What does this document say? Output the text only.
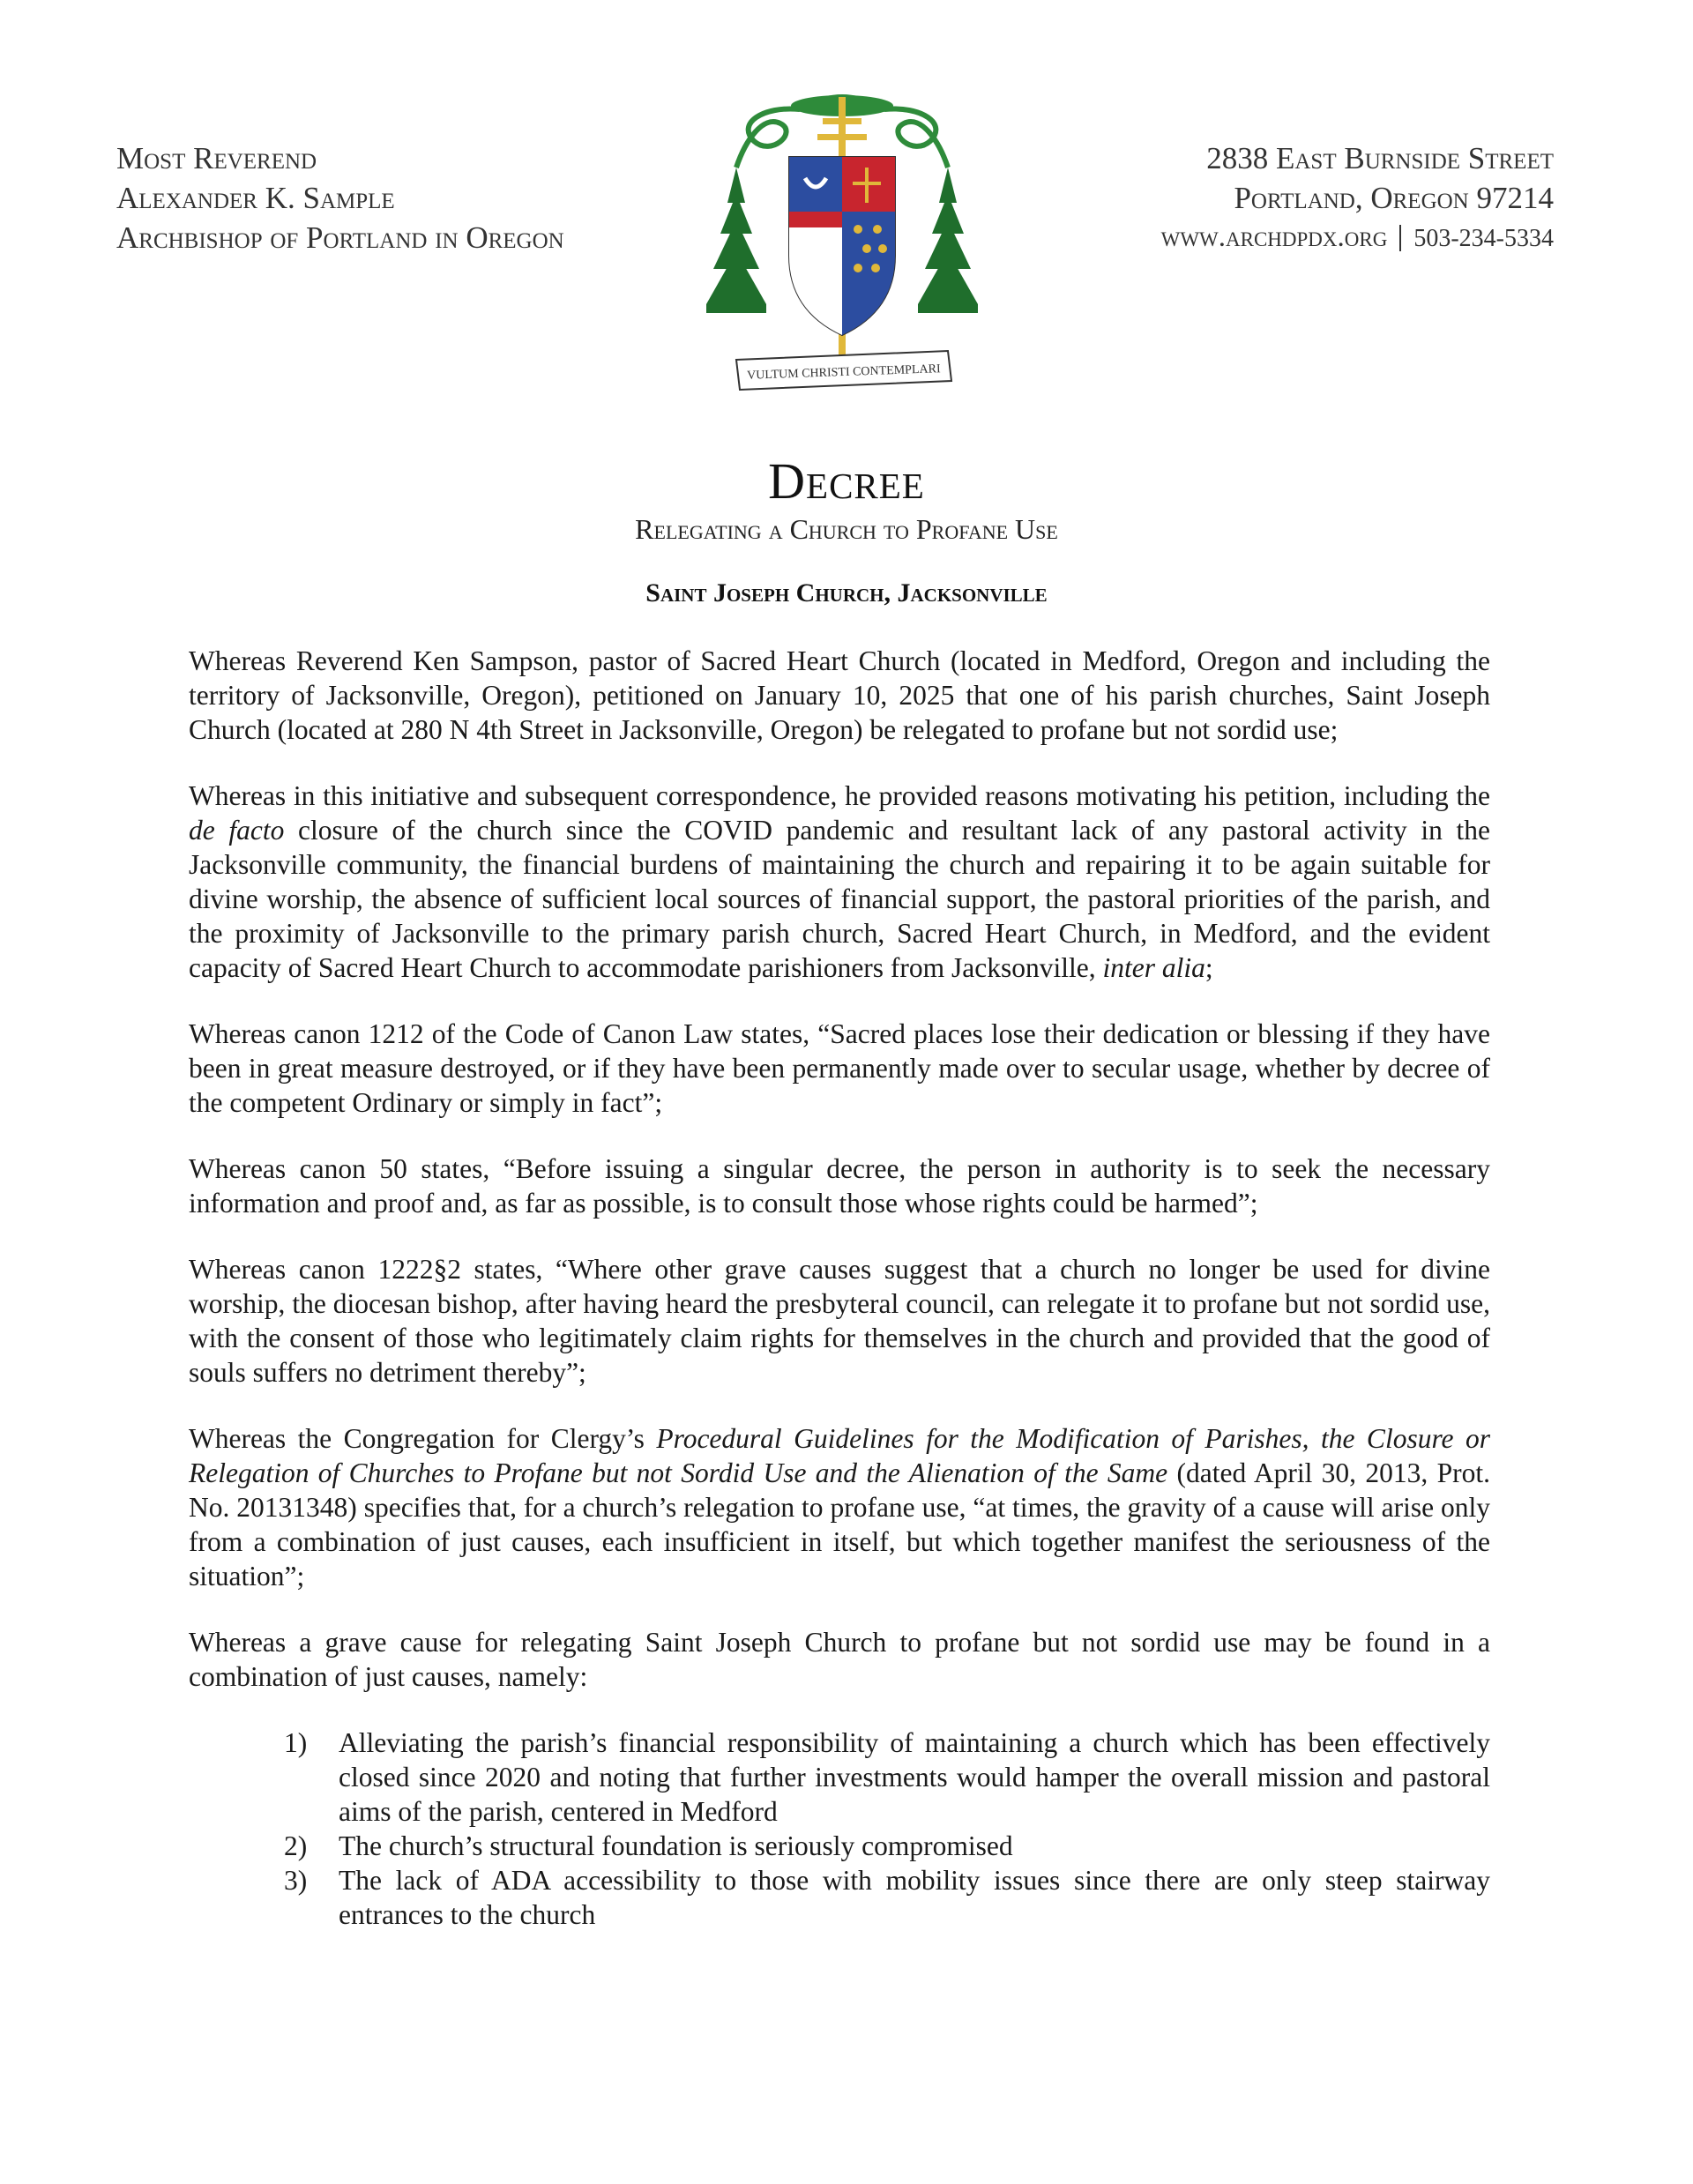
Most Reverend
Alexander K. Sample
Archbishop of Portland in Oregon
VULTUM CHRISTI CONTEMPLARI
2838 East Burnside Street
Portland, Oregon 97214
www.archdpdx.org 503-234-5334
Decree
Relegating a Church to Profane Use
Saint Joseph Church, Jacksonville

Whereas Reverend Ken Sampson, pastor of Sacred Heart Church (located in Medford, Oregon and including the territory of Jacksonville, Oregon), petitioned on January 10, 2025 that one of his parish churches, Saint Joseph Church (located at 280 N 4th Street in Jacksonville, Oregon) be relegated to profane but not sordid use;

Whereas in this initiative and subsequent correspondence, he provided reasons motivating his petition, including the de facto closure of the church since the COVID pandemic and resultant lack of any pastoral activity in the Jacksonville community, the financial burdens of maintaining the church and repairing it to be again suitable for divine worship, the absence of sufficient local sources of financial support, the pastoral priorities of the parish, and the proximity of Jacksonville to the primary parish church, Sacred Heart Church, in Medford, and the evident capacity of Sacred Heart Church to accommodate parishioners from Jacksonville, inter alia;

Whereas canon 1212 of the Code of Canon Law states, “Sacred places lose their dedication or blessing if they have been in great measure destroyed, or if they have been permanently made over to secular usage, whether by decree of the competent Ordinary or simply in fact”;

Whereas canon 50 states, “Before issuing a singular decree, the person in authority is to seek the necessary information and proof and, as far as possible, is to consult those whose rights could be harmed”;

Whereas canon 1222§2 states, “Where other grave causes suggest that a church no longer be used for divine worship, the diocesan bishop, after having heard the presbyteral council, can relegate it to profane but not sordid use, with the consent of those who legitimately claim rights for themselves in the church and provided that the good of souls suffers no detriment thereby”;

Whereas the Congregation for Clergy’s Procedural Guidelines for the Modification of Parishes, the Closure or Relegation of Churches to Profane but not Sordid Use and the Alienation of the Same (dated April 30, 2013, Prot. No. 20131348) specifies that, for a church’s relegation to profane use, “at times, the gravity of a cause will arise only from a combination of just causes, each insufficient in itself, but which together manifest the seriousness of the situation”;

Whereas a grave cause for relegating Saint Joseph Church to profane but not sordid use may be found in a combination of just causes, namely:

1) Alleviating the parish’s financial responsibility of maintaining a church which has been effectively closed since 2020 and noting that further investments would hamper the overall mission and pastoral aims of the parish, centered in Medford
2) The church’s structural foundation is seriously compromised
3) The lack of ADA accessibility to those with mobility issues since there are only steep stairway entrances to the church
